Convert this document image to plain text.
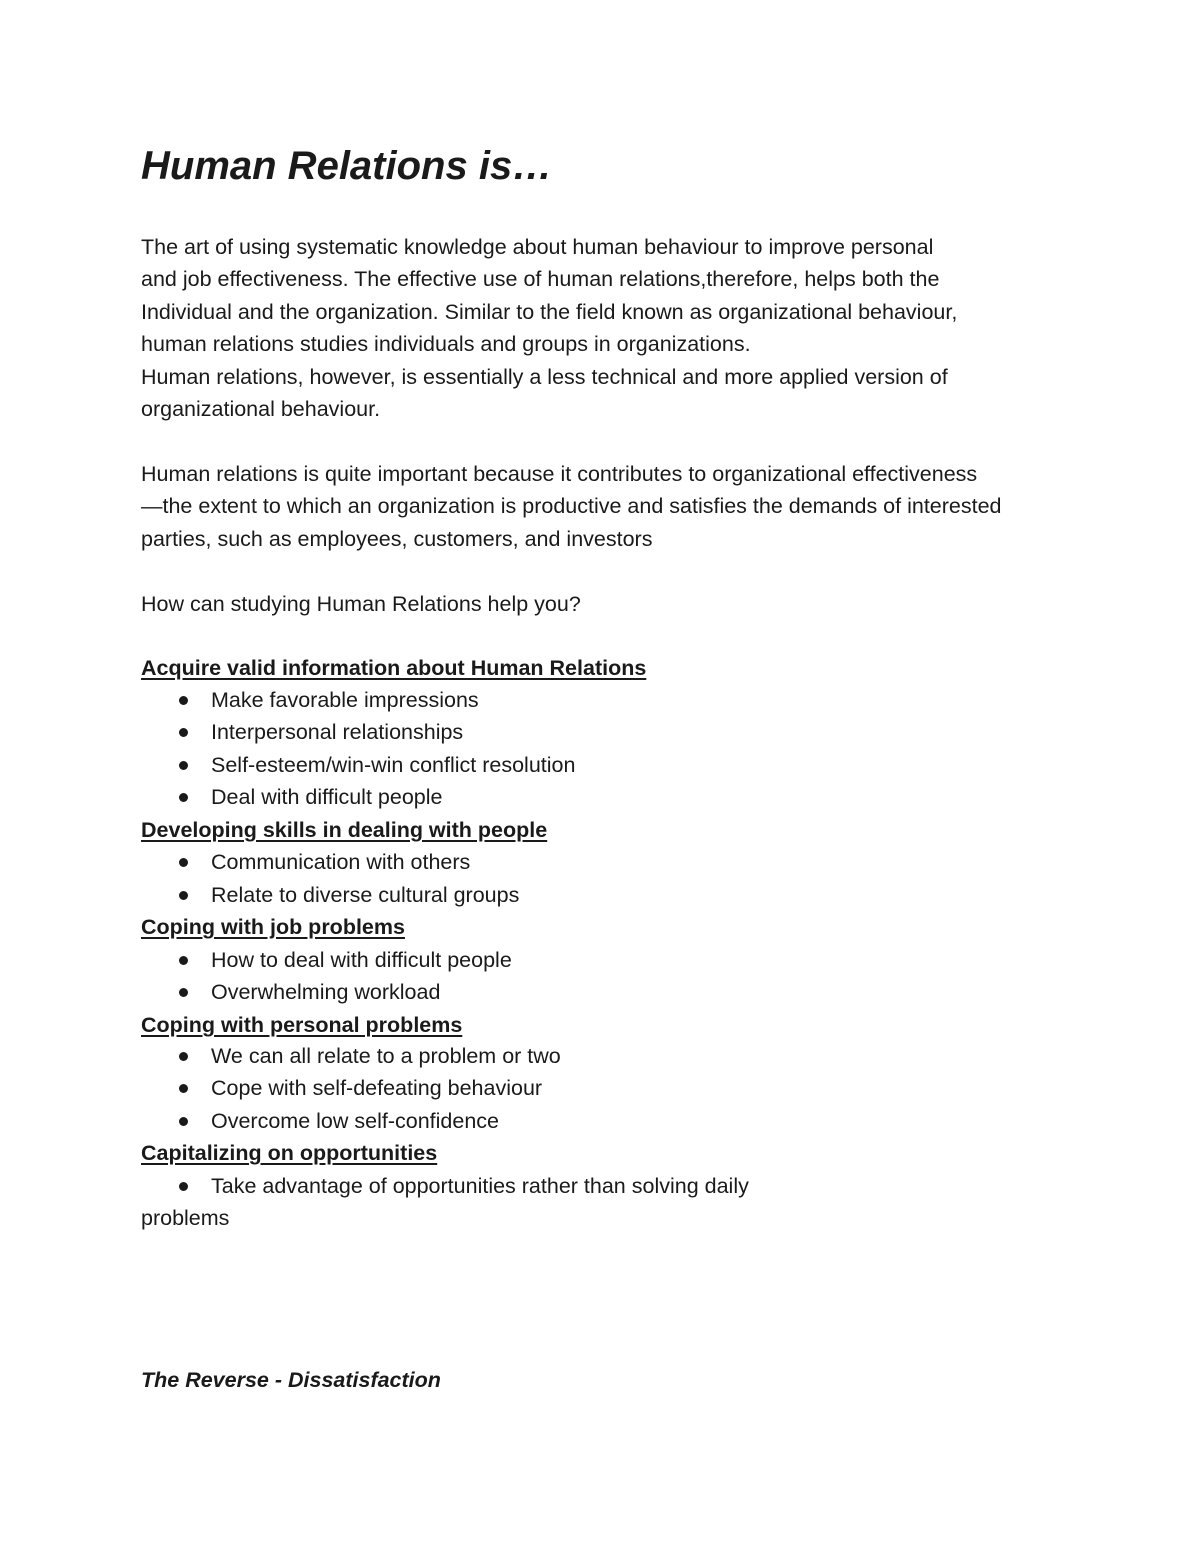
Human Relations is…
The art of using systematic knowledge about human behaviour to improve personal
and job effectiveness. The effective use of human relations,therefore, helps both the
Individual and the organization. Similar to the field known as organizational behaviour,
human relations studies individuals and groups in organizations.
Human relations, however, is essentially a less technical and more applied version of
organizational behaviour.
Human relations is quite important because it contributes to organizational effectiveness
—the extent to which an organization is productive and satisfies the demands of interested
parties, such as employees, customers, and investors
How can studying Human Relations help you?
Acquire valid information about Human Relations
Make favorable impressions
Interpersonal relationships
Self-esteem/win-win conflict resolution
Deal with difficult people
Developing skills in dealing with people
Communication with others
Relate to diverse cultural groups
Coping with job problems
How to deal with difficult people
Overwhelming workload
Coping with personal problems
We can all relate to a problem or two
Cope with self-defeating behaviour
Overcome low self-confidence
Capitalizing on opportunities
Take advantage of opportunities rather than solving daily
problems
The Reverse - Dissatisfaction
